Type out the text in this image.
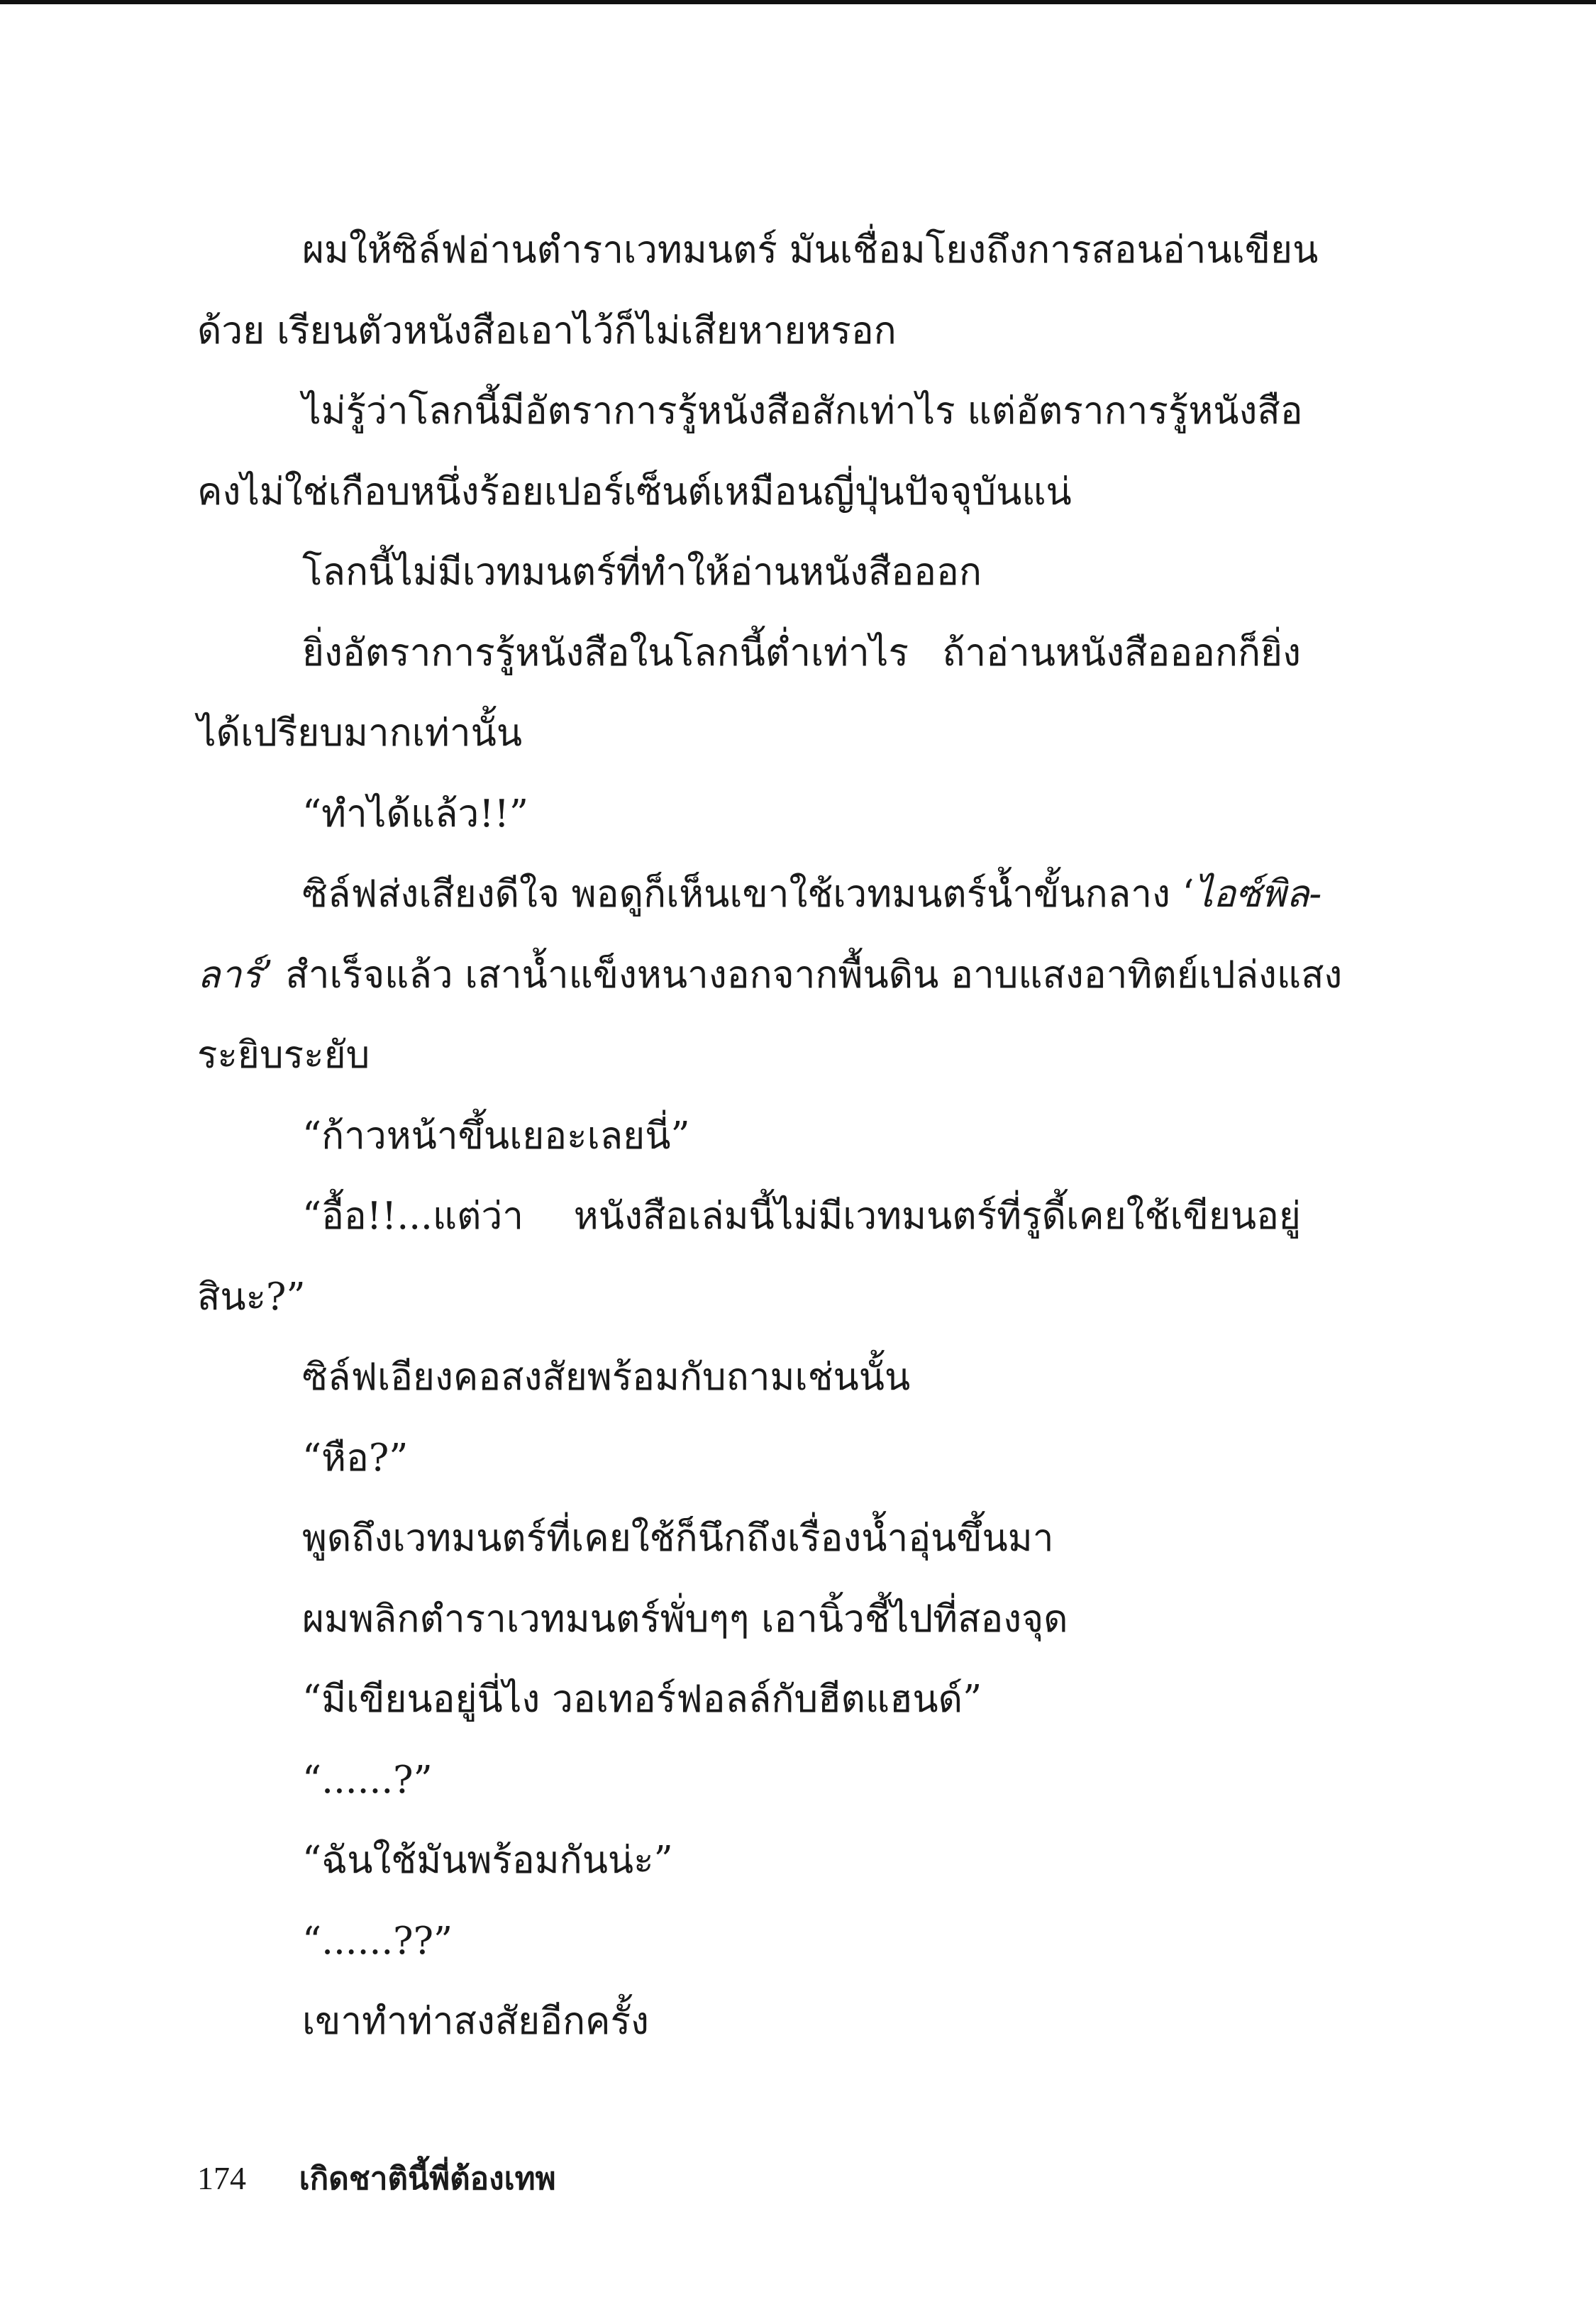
ผมให้ซิล์ฟอ่านตำราเวทมนตร์ มันเชื่อมโยงถึงการสอนอ่านเขียน
ด้วย เรียนตัวหนังสือเอาไว้ก็ไม่เสียหายหรอก
ไม่รู้ว่าโลกนี้มีอัตราการรู้หนังสือสักเท่าไร แต่อัตราการรู้หนังสือ
คงไม่ใช่เกือบหนึ่งร้อยเปอร์เซ็นต์เหมือนญี่ปุ่นปัจจุบันแน่
โลกนี้ไม่มีเวทมนตร์ที่ทำให้อ่านหนังสือออก
ยิ่งอัตราการรู้หนังสือในโลกนี้ต่ำเท่าไร ถ้าอ่านหนังสือออกก็ยิ่ง
ได้เปรียบมากเท่านั้น
“ทำได้แล้ว!!”
ซิล์ฟส่งเสียงดีใจ พอดูก็เห็นเขาใช้เวทมนตร์น้ำขั้นกลาง ‘ไอซ์พิล-
ลาร์’ สำเร็จแล้ว เสาน้ำแข็งหนางอกจากพื้นดิน อาบแสงอาทิตย์เปล่งแสง
ระยิบระยับ
“ก้าวหน้าขึ้นเยอะเลยนี่”
“อื้อ!!...แต่ว่า หนังสือเล่มนี้ไม่มีเวทมนตร์ที่รูดี้เคยใช้เขียนอยู่
สินะ?”
ซิล์ฟเอียงคอสงสัยพร้อมกับถามเช่นนั้น
“หือ?”
พูดถึงเวทมนตร์ที่เคยใช้ก็นึกถึงเรื่องน้ำอุ่นขึ้นมา
ผมพลิกตำราเวทมนตร์พั่บๆๆ เอานิ้วชี้ไปที่สองจุด
“มีเขียนอยู่นี่ไง วอเทอร์ฟอลล์กับฮีตแฮนด์”
“......?”
“ฉันใช้มันพร้อมกันน่ะ”
“......??”
เขาทำท่าสงสัยอีกครั้ง
174 เกิดชาตินี้พี่ต้องเทพ
